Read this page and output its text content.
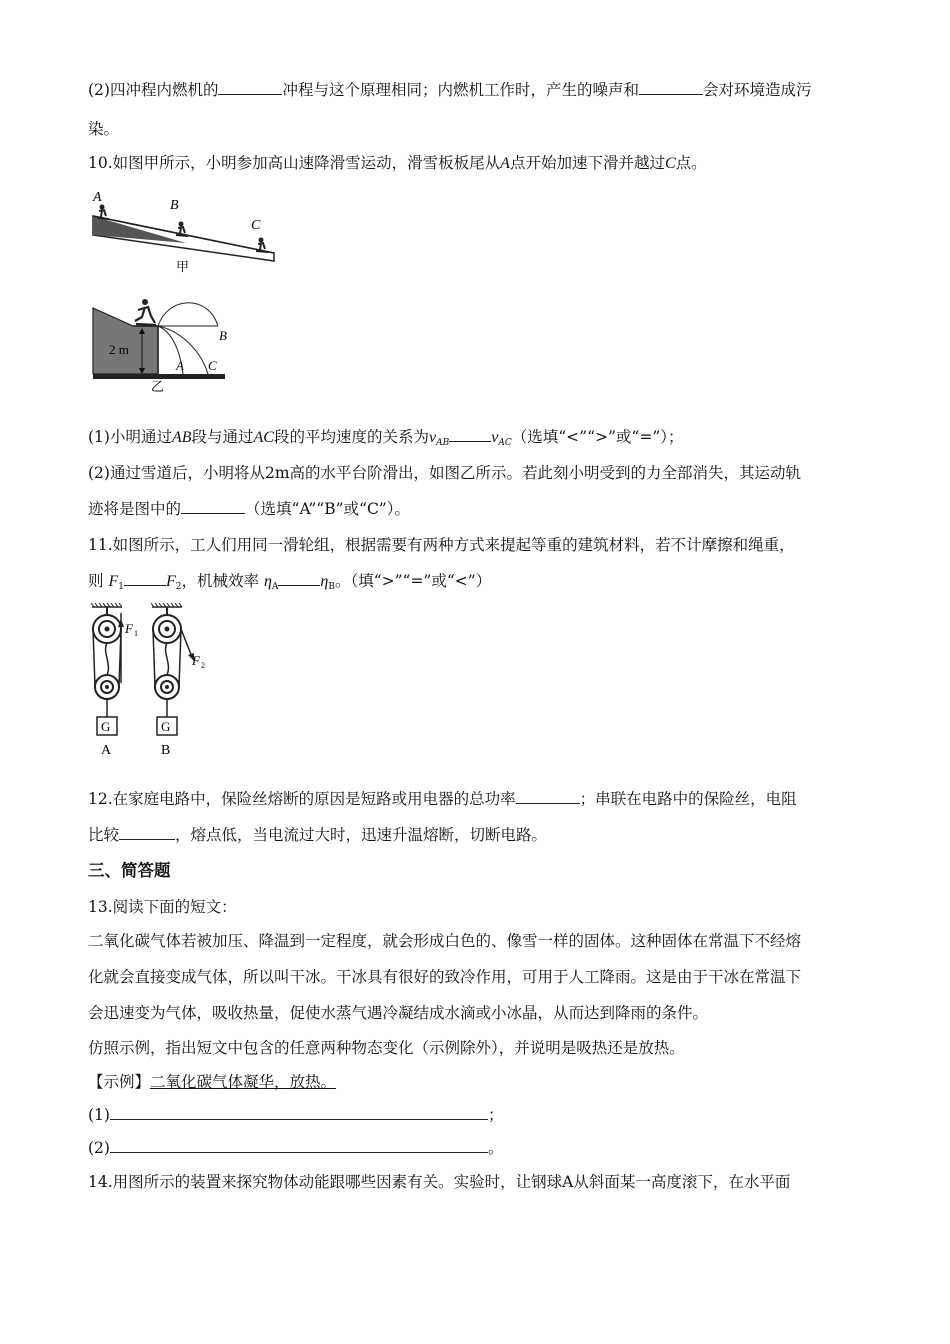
(2)四冲程内燃机的	冲程与这个原理相同；内燃机工作时，产生的噪声和	会对环境造成污
染。
10.如图甲所示，小明参加高山速降滑雪运动，滑雪板板尾从A点开始加速下滑并越过C点。
A
B
C
甲
2 m
A
B
C
乙
(1)小明通过AB段与通过AC段的平均速度的关系为$v_{AB}$	$v_{AC}$（选填“<”“>”或“=”）；
(2)通过雪道后，小明将从2m高的水平台阶滑出，如图乙所示。若此刻小明受到的力全部消失，其运动轨
迹将是图中的	（选填“A”“B”或“C”）。
11.如图所示，工人们用同一滑轮组，根据需要有两种方式来提起等重的建筑材料，若不计摩擦和绳重，
则 $F_1$	$F_2$，机械效率 $\eta_A$	$\eta_B$。（填“>”“=”或“<”）
F 1
G
A
F 2
G
B
12.在家庭电路中，保险丝熔断的原因是短路或用电器的总功率	；串联在电路中的保险丝，电阻
比较	，熔点低，当电流过大时，迅速升温熔断，切断电路。
三、简答题
13.阅读下面的短文：
二氧化碳气体若被加压、降温到一定程度，就会形成白色的、像雪一样的固体。这种固体在常温下不经熔
化就会直接变成气体，所以叫干冰。干冰具有很好的致冷作用，可用于人工降雨。这是由于干冰在常温下
会迅速变为气体，吸收热量，促使水蒸气遇冷凝结成水滴或小冰晶，从而达到降雨的条件。
仿照示例，指出短文中包含的任意两种物态变化（示例除外），并说明是吸热还是放热。
【示例】二氧化碳气体凝华，放热。
(1)	；
(2)	。
14.用图所示的装置来探究物体动能跟哪些因素有关。实验时，让钢球A从斜面某一高度滚下，在水平面
